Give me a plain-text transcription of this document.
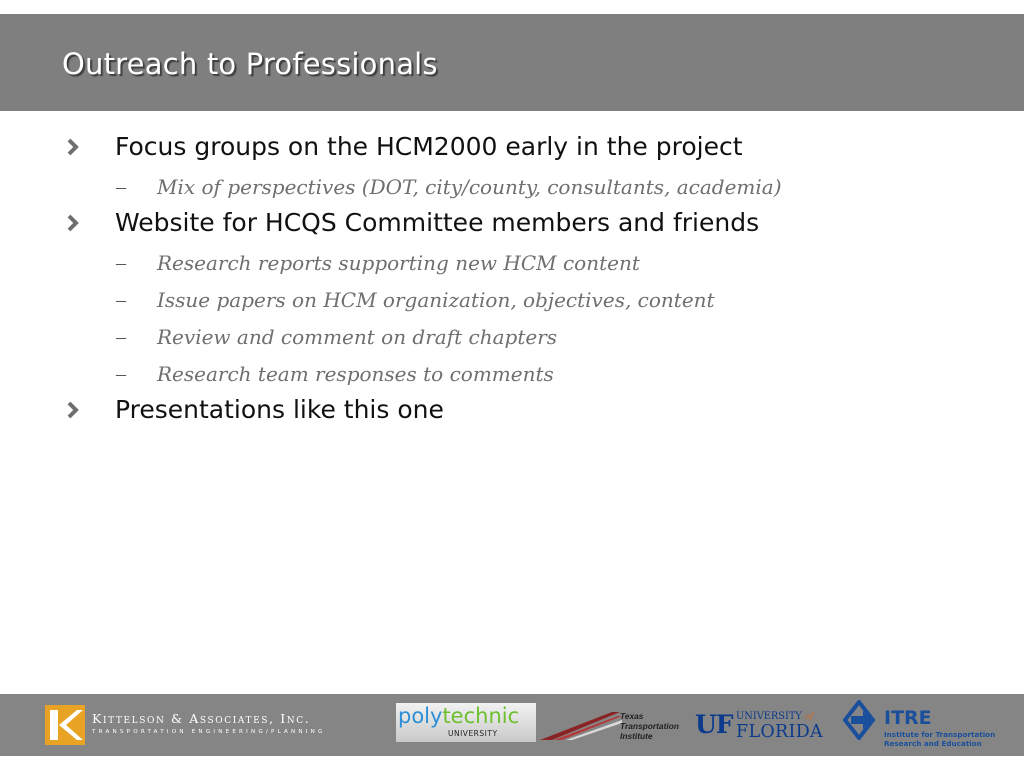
Outreach to Professionals
Focus groups on the HCM2000 early in the project
– Mix of perspectives (DOT, city/county, consultants, academia)
Website for HCQS Committee members and friends
– Research reports supporting new HCM content
– Issue papers on HCM organization, objectives, content
– Review and comment on draft chapters
– Research team responses to comments
Presentations like this one

Kittelson & Associates, Inc.

TRANSPORTATION ENGINEERING/PLANNING

polytechnic
UNIVERSITY

Texas
Transportation
Institute	UF UNIVERSITY of

FLORIDA

ITRE

Institute for Transportation
Research and Education
